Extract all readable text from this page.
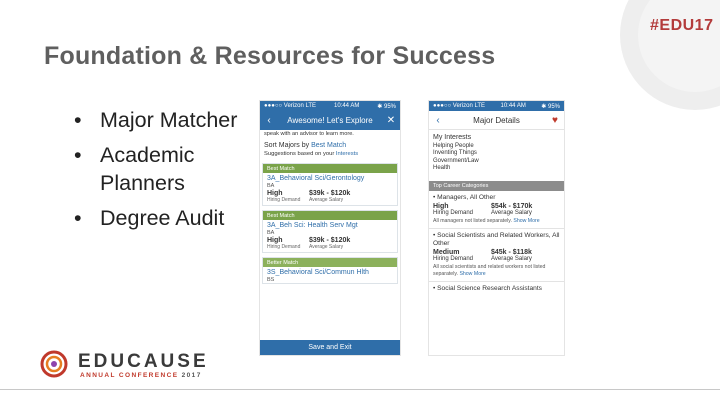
#EDU17
Foundation & Resources for Success
• Major Matcher
• Academic Planners
• Degree Audit
●●●○○ Verizon LTE	10:44 AM	✱ 95%
‹	Awesome! Let's Explore	✕
speak with an advisor to learn more.
Sort Majors by Best Match
Suggestions based on your Interests
Best Match
3A_Behavioral Sci/Gerontology
BA
High	$39k - $120k
Hiring Demand	Average Salary
Best Match
3A_Beh Sci: Health Serv Mgt
BA
High	$39k - $120k
Hiring Demand	Average Salary
Better Match
3S_Behavioral Sci/Commun Hlth
BS
Save and Exit
●●●○○ Verizon LTE	10:44 AM	✱ 95%
‹	Major Details	♥
My Interests
Helping People
Inventing Things
Government/Law
Health
Top Career Categories
• Managers, All Other
High	$54k - $170k
Hiring Demand	Average Salary
All managers not listed separately. Show More
• Social Scientists and Related Workers, All Other
Medium	$45k - $118k
Hiring Demand	Average Salary
All social scientists and related workers not listed separately. Show More
• Social Science Research Assistants
EDUCAUSE
ANNUAL CONFERENCE 2017
